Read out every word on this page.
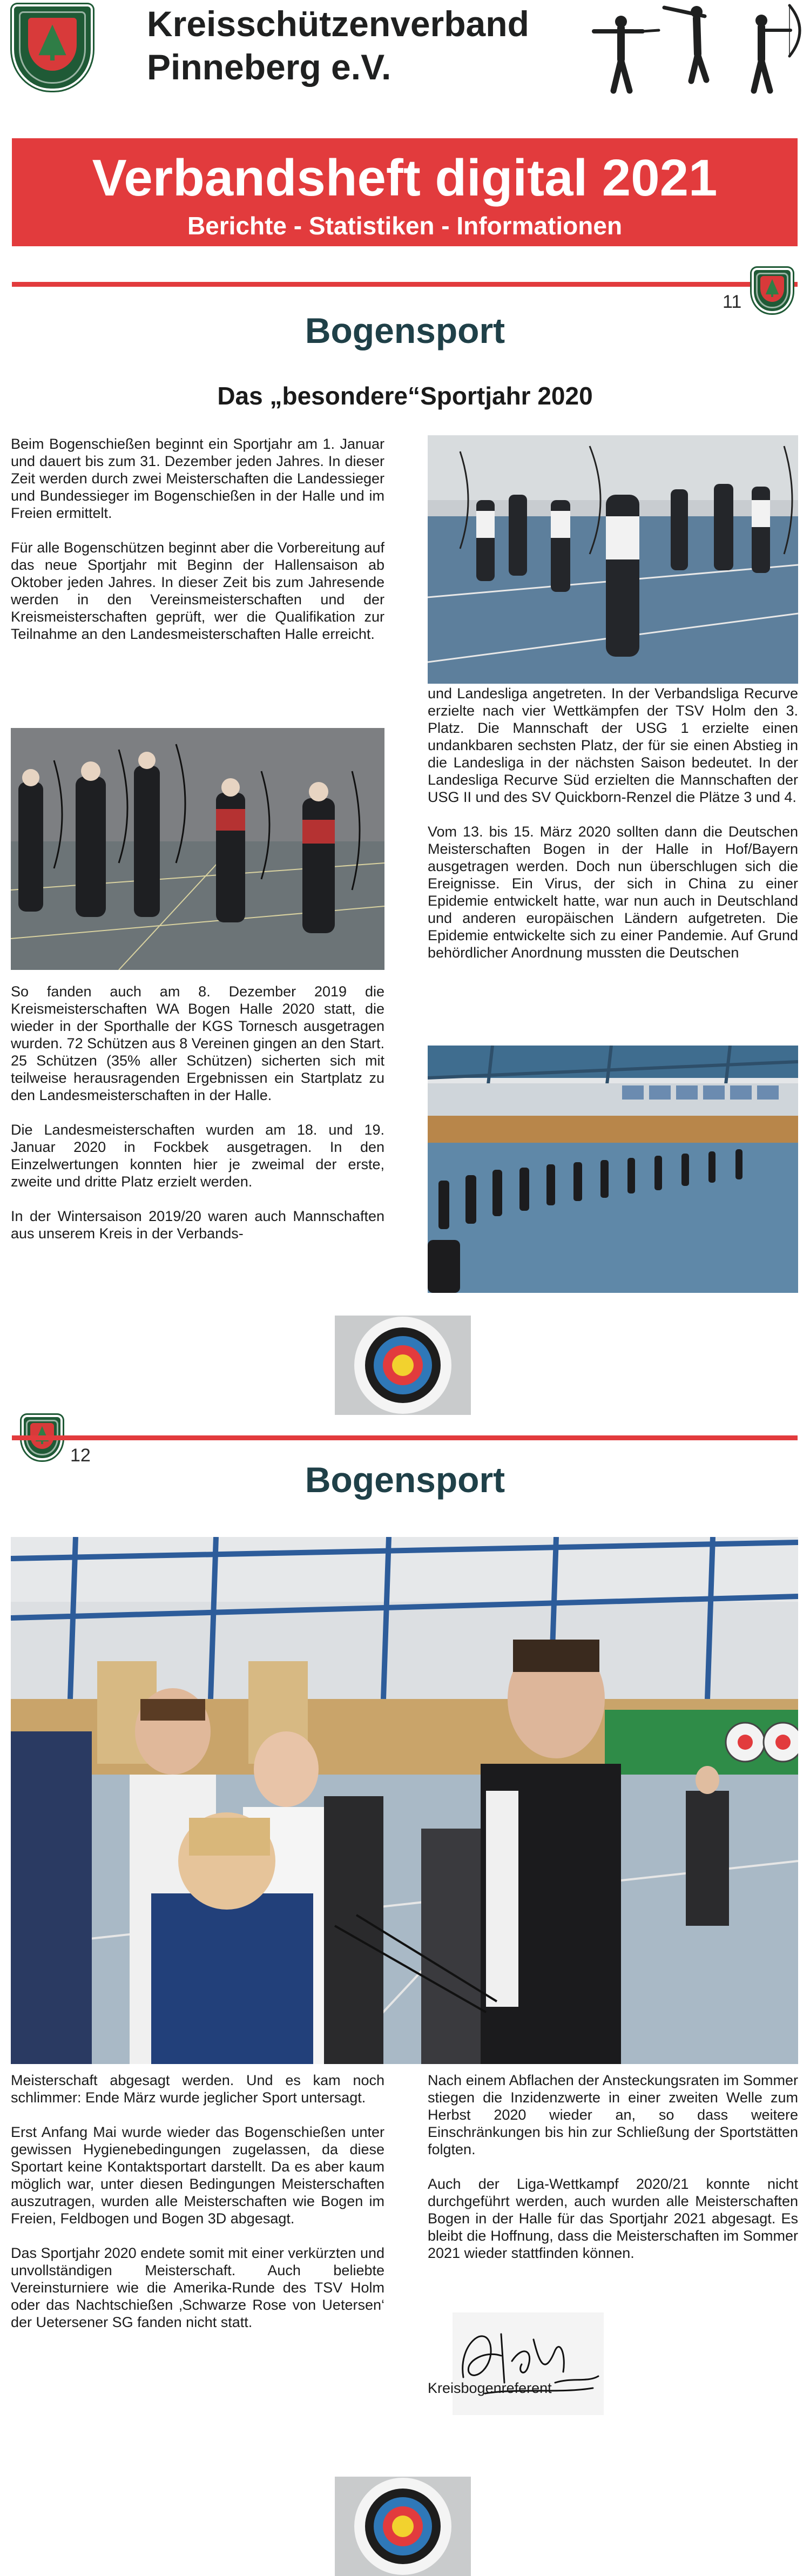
Kreisschützenverband
Pinneberg e.V.
Verbandsheft digital 2021
Berichte - Statistiken - Informationen
11
Bogensport
Das „besondere“Sportjahr 2020

Beim Bogenschießen beginnt ein Sportjahr am 1. Januar und dauert bis zum 31. Dezember jeden Jahres. In dieser Zeit werden durch zwei Meisterschaften die Landessieger und Bundessieger im Bogenschießen in der Halle und im Freien ermittelt.

Für alle Bogenschützen beginnt aber die Vorbereitung auf das neue Sportjahr mit Beginn der Hallensaison ab Oktober jeden Jahres. In dieser Zeit bis zum Jahresende werden in den Vereinsmeisterschaften und der Kreismeisterschaften geprüft, wer die Qualifikation zur Teilnahme an den Landesmeisterschaften Halle erreicht.

So fanden auch am 8. Dezember 2019 die Kreismeisterschaften WA Bogen Halle 2020 statt, die wieder in der Sporthalle der KGS Tornesch ausgetragen wurden. 72 Schützen aus 8 Vereinen gingen an den Start. 25 Schützen (35% aller Schützen) sicherten sich mit teilweise herausragenden Ergebnissen ein Startplatz zu den Landesmeisterschaften in der Halle.

Die Landesmeisterschaften wurden am 18. und 19. Januar 2020 in Fockbek ausgetragen. In den Einzelwertungen konnten hier je zweimal der erste, zweite und dritte Platz erzielt werden.

In der Wintersaison 2019/20 waren auch Mannschaften aus unserem Kreis in der Verbands-

und Landesliga angetreten. In der Verbandsliga Recurve erzielte nach vier Wettkämpfen der TSV Holm den 3. Platz. Die Mannschaft der USG 1 erzielte einen undankbaren sechsten Platz, der für sie einen Abstieg in die Landesliga in der nächsten Saison bedeutet. In der Landesliga Recurve Süd erzielten die Mannschaften der USG II und des SV Quickborn-Renzel die Plätze 3 und 4.

Vom 13. bis 15. März 2020 sollten dann die Deutschen Meisterschaften Bogen in der Halle in Hof/Bayern ausgetragen werden. Doch nun überschlugen sich die Ereignisse. Ein Virus, der sich in China zu einer Epidemie entwickelt hatte, war nun auch in Deutschland und anderen europäischen Ländern aufgetreten. Die Epidemie entwickelte sich zu einer Pandemie. Auf Grund behördlicher Anordnung mussten die Deutschen

12
Bogensport

Meisterschaft abgesagt werden. Und es kam noch schlimmer: Ende März wurde jeglicher Sport untersagt.

Erst Anfang Mai wurde wieder das Bogenschießen unter gewissen Hygienebedingungen zugelassen, da diese Sportart keine Kontaktsportart darstellt. Da es aber kaum möglich war, unter diesen Bedingungen Meisterschaften auszutragen, wurden alle Meisterschaften wie Bogen im Freien, Feldbogen und Bogen 3D abgesagt.

Das Sportjahr 2020 endete somit mit einer verkürzten und unvollständigen Meisterschaft. Auch beliebte Vereinsturniere wie die Amerika-Runde des TSV Holm oder das Nachtschießen ‚Schwarze Rose von Uetersen‘ der Uetersener SG fanden nicht statt.

Nach einem Abflachen der Ansteckungsraten im Sommer stiegen die Inzidenzwerte in einer zweiten Welle zum Herbst 2020 wieder an, so dass weitere Einschränkungen bis hin zur Schließung der Sportstätten folgten.

Auch der Liga-Wettkampf 2020/21 konnte nicht durchgeführt werden, auch wurden alle Meisterschaften Bogen in der Halle für das Sportjahr 2021 abgesagt. Es bleibt die Hoffnung, dass die Meisterschaften im Sommer 2021 wieder stattfinden können.

Kreisbogenreferent
